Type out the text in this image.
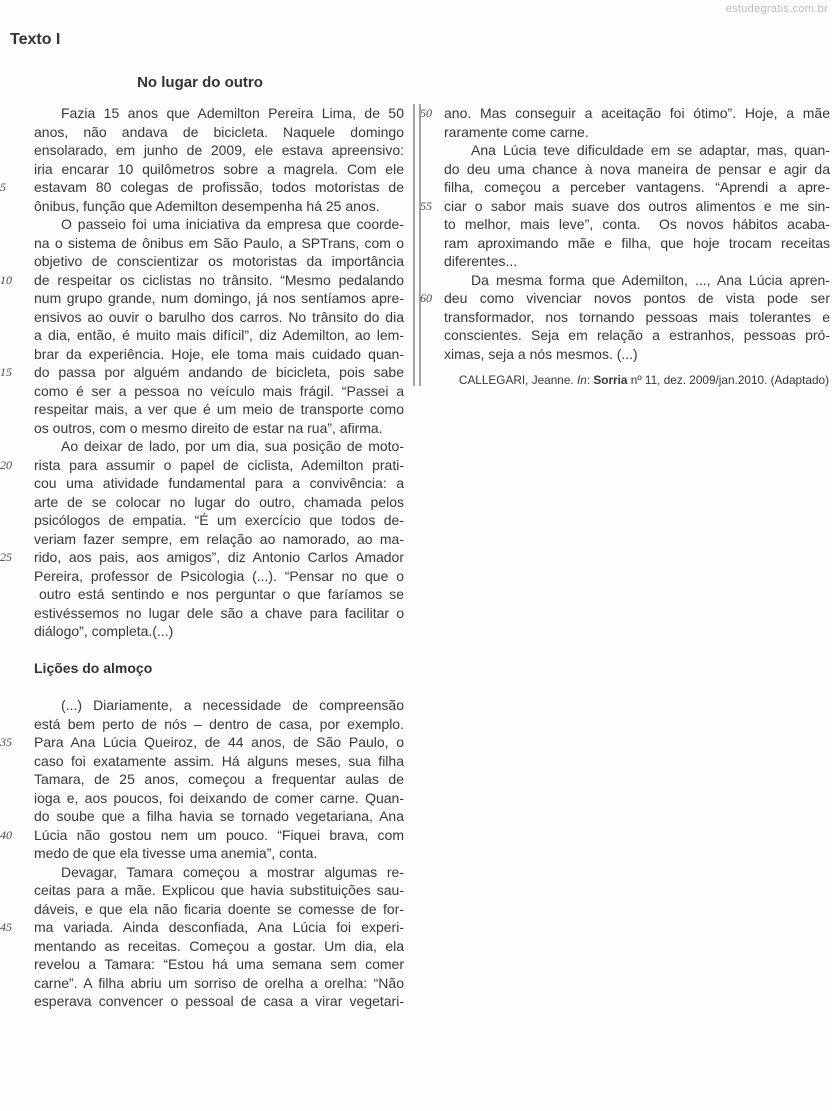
estudegratis.com.br
Texto I
No lugar do outro
Fazia 15 anos que Ademilton Pereira Lima, de 50
anos, não andava de bicicleta. Naquele domingo
ensolarado, em junho de 2009, ele estava apreensivo:
iria encarar 10 quilômetros sobre a magrela. Com ele
5	estavam 80 colegas de profissão, todos motoristas de
ônibus, função que Ademilton desempenha há 25 anos.
O passeio foi uma iniciativa da empresa que coorde-
na o sistema de ônibus em São Paulo, a SPTrans, com o
objetivo de conscientizar os motoristas da importância
10	de respeitar os ciclistas no trânsito. “Mesmo pedalando
num grupo grande, num domingo, já nos sentíamos apre-
ensivos ao ouvir o barulho dos carros. No trânsito do dia
a dia, então, é muito mais difícil”, diz Ademilton, ao lem-
brar da experiência. Hoje, ele toma mais cuidado quan-
15	do passa por alguém andando de bicicleta, pois sabe
como é ser a pessoa no veículo mais frágil. “Passei a
respeitar mais, a ver que é um meio de transporte como
os outros, com o mesmo direito de estar na rua”, afirma.
Ao deixar de lado, por um dia, sua posição de moto-
20	rista para assumir o papel de ciclista, Ademilton prati-
cou uma atividade fundamental para a convivência: a
arte de se colocar no lugar do outro, chamada pelos
psicólogos de empatia. “É um exercício que todos de-
veriam fazer sempre, em relação ao namorado, ao ma-
25	rido, aos pais, aos amigos”, diz Antonio Carlos Amador
Pereira, professor de Psicologia (...). “Pensar no que o
outro está sentindo e nos perguntar o que faríamos se
estivéssemos no lugar dele são a chave para facilitar o
diálogo”, completa.(...)
Lições do almoço
(...) Diariamente, a necessidade de compreensão
está bem perto de nós – dentro de casa, por exemplo.
35	Para Ana Lúcia Queiroz, de 44 anos, de São Paulo, o
caso foi exatamente assim. Há alguns meses, sua filha
Tamara, de 25 anos, começou a frequentar aulas de
ioga e, aos poucos, foi deixando de comer carne. Quan-
do soube que a filha havia se tornado vegetariana, Ana
40	Lúcia não gostou nem um pouco. “Fiquei brava, com
medo de que ela tivesse uma anemia”, conta.
Devagar, Tamara começou a mostrar algumas re-
ceitas para a mãe. Explicou que havia substituições sau-
dáveis, e que ela não ficaria doente se comesse de for-
45	ma variada. Ainda desconfiada, Ana Lúcia foi experi-
mentando as receitas. Começou a gostar. Um dia, ela
revelou a Tamara: “Estou há uma semana sem comer
carne”. A filha abriu um sorriso de orelha a orelha: “Não
esperava convencer o pessoal de casa a virar vegetari-
50 ano. Mas conseguir a aceitação foi ótimo”. Hoje, a mãe
raramente come carne.
Ana Lúcia teve dificuldade em se adaptar, mas, quan-
do deu uma chance à nova maneira de pensar e agir da
filha, começou a perceber vantagens. “Aprendi a apre-
55 ciar o sabor mais suave dos outros alimentos e me sin-
to melhor, mais leve”, conta.  Os novos hábitos acaba-
ram aproximando mãe e filha, que hoje trocam receitas
diferentes...
Da mesma forma que Ademilton, ..., Ana Lúcia apren-
60 deu como vivenciar novos pontos de vista pode ser
transformador, nos tornando pessoas mais tolerantes e
conscientes. Seja em relação a estranhos, pessoas pró-
ximas, seja a nós mesmos. (...)
CALLEGARI, Jeanne. In: Sorria nº 11, dez. 2009/jan.2010. (Adaptado)
